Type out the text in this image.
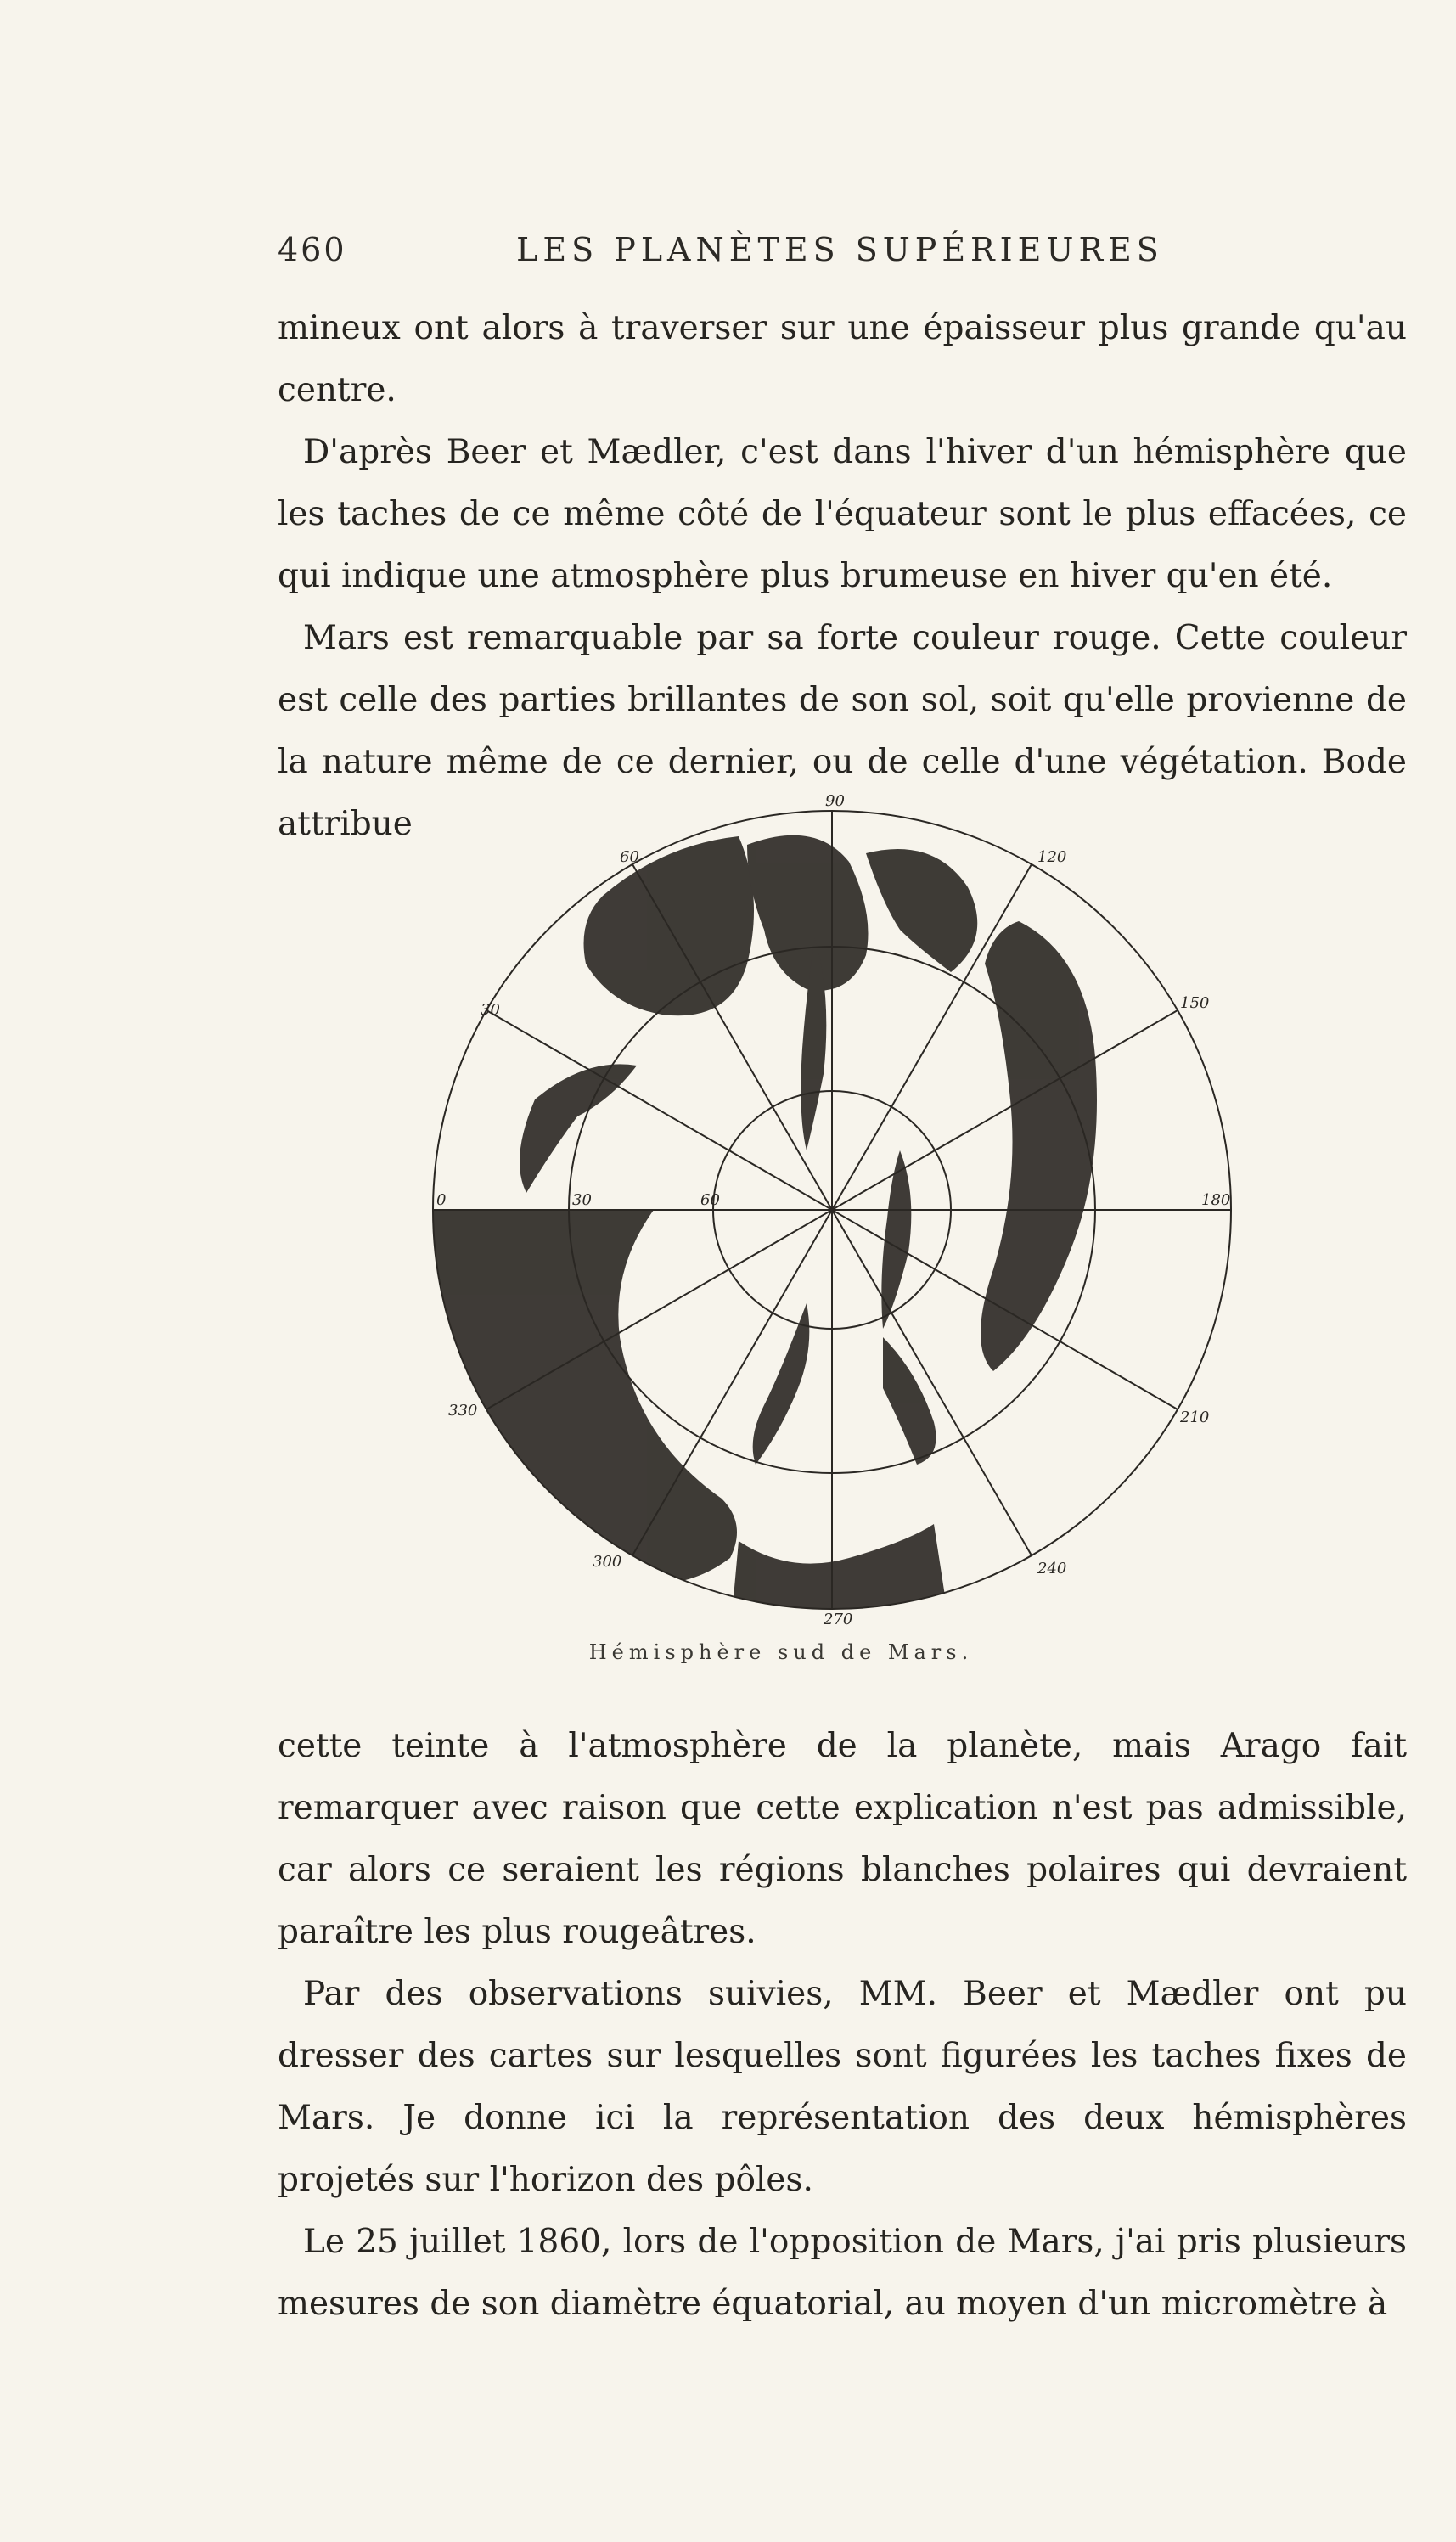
460	LES PLANÈTES SUPÉRIEURES

mineux ont alors à traverser sur une épaisseur plus grande qu'au centre.

D'après Beer et Mædler, c'est dans l'hiver d'un hémisphère que les taches de ce même côté de l'équateur sont le plus effacées, ce qui indique une atmosphère plus brumeuse en hiver qu'en été.

Mars est remarquable par sa forte couleur rouge. Cette couleur est celle des parties brillantes de son sol, soit qu'elle provienne de la nature même de ce dernier, ou de celle d'une végétation. Bode attribue

90
120
150
180
210
240
270
300
330
0
30
60
30	60
Hémisphère sud de Mars.

cette teinte à l'atmosphère de la planète, mais Arago fait remarquer avec raison que cette explication n'est pas admissible, car alors ce seraient les régions blanches polaires qui devraient paraître les plus rougeâtres.

Par des observations suivies, MM. Beer et Mædler ont pu dresser des cartes sur lesquelles sont figurées les taches fixes de Mars. Je donne ici la représentation des deux hémisphères projetés sur l'horizon des pôles.

Le 25 juillet 1860, lors de l'opposition de Mars, j'ai pris plusieurs mesures de son diamètre équatorial, au moyen d'un micromètre à
